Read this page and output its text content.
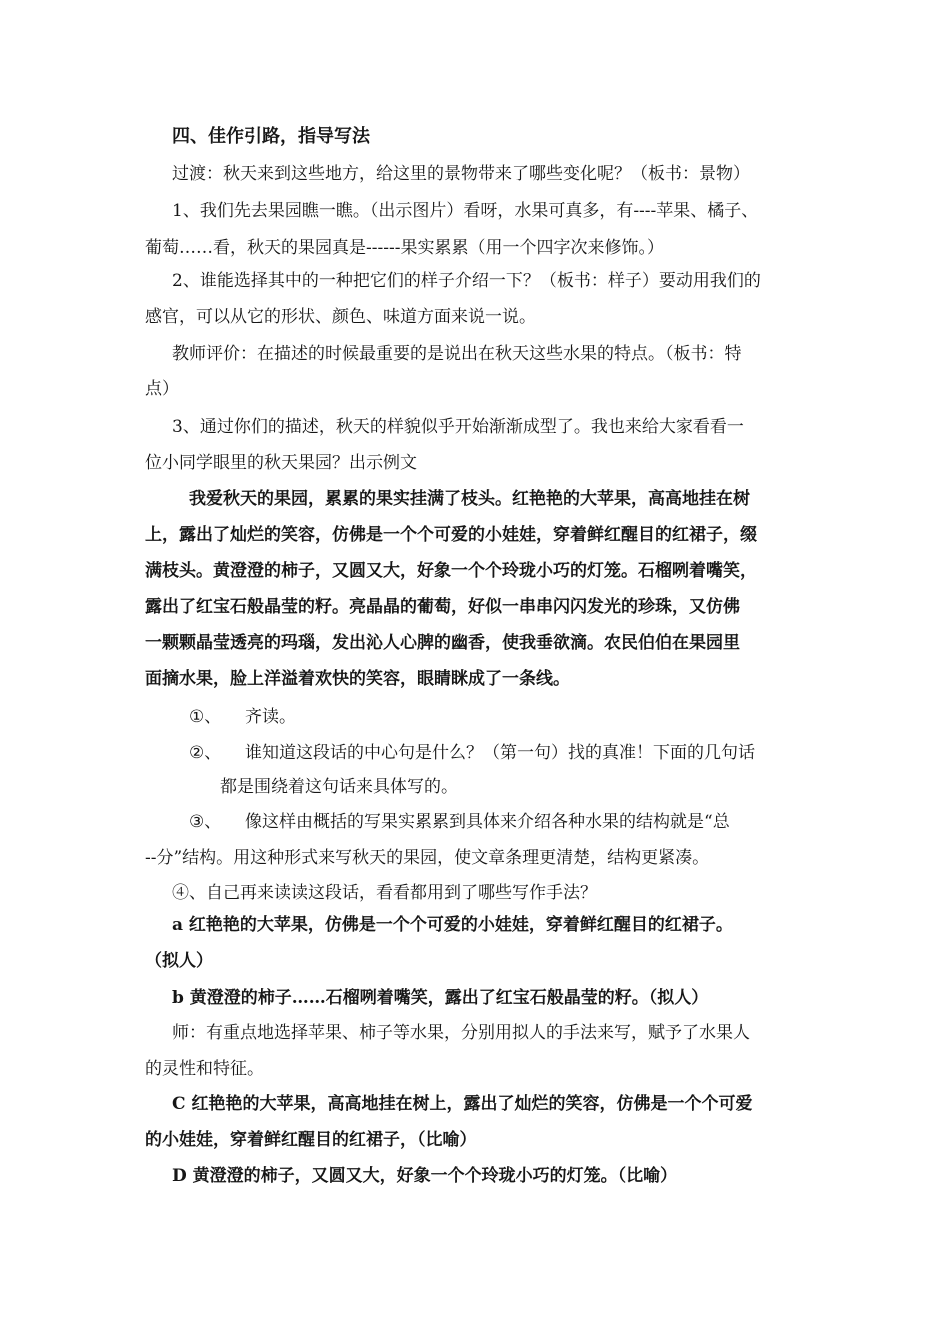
四、佳作引路，指导写法

过渡：秋天来到这些地方，给这里的景物带来了哪些变化呢？（板书：景物）

1、我们先去果园瞧一瞧。（出示图片）看呀，水果可真多，有----苹果、橘子、

葡萄……看，秋天的果园真是------果实累累（用一个四字次来修饰。）

2、谁能选择其中的一种把它们的样子介绍一下？（板书：样子）要动用我们的

感官，可以从它的形状、颜色、味道方面来说一说。

教师评价：在描述的时候最重要的是说出在秋天这些水果的特点。（板书：特

点）

3、通过你们的描述，秋天的样貌似乎开始渐渐成型了。我也来给大家看看一

位小同学眼里的秋天果园？出示例文

我爱秋天的果园，累累的果实挂满了枝头。红艳艳的大苹果，高高地挂在树

上，露出了灿烂的笑容，仿佛是一个个可爱的小娃娃，穿着鲜红醒目的红裙子，缀

满枝头。黄澄澄的柿子，又圆又大，好象一个个玲珑小巧的灯笼。石榴咧着嘴笑，

露出了红宝石般晶莹的籽。亮晶晶的葡萄，好似一串串闪闪发光的珍珠，又仿佛

一颗颗晶莹透亮的玛瑙，发出沁人心脾的幽香，使我垂欲滴。农民伯伯在果园里

面摘水果，脸上洋溢着欢快的笑容，眼睛眯成了一条线。

①、 齐读。

②、 谁知道这段话的中心句是什么？（第一句）找的真准！下面的几句话

都是围绕着这句话来具体写的。

③、 像这样由概括的写果实累累到具体来介绍各种水果的结构就是“总

--分”结构。用这种形式来写秋天的果园，使文章条理更清楚，结构更紧凑。

④、自己再来读读这段话，看看都用到了哪些写作手法？

a 红艳艳的大苹果，仿佛是一个个可爱的小娃娃，穿着鲜红醒目的红裙子。

（拟人）

b 黄澄澄的柿子……石榴咧着嘴笑，露出了红宝石般晶莹的籽。（拟人）

师：有重点地选择苹果、柿子等水果，分别用拟人的手法来写，赋予了水果人

的灵性和特征。

C 红艳艳的大苹果，高高地挂在树上，露出了灿烂的笑容，仿佛是一个个可爱

的小娃娃，穿着鲜红醒目的红裙子，（比喻）

D 黄澄澄的柿子，又圆又大，好象一个个玲珑小巧的灯笼。（比喻）
